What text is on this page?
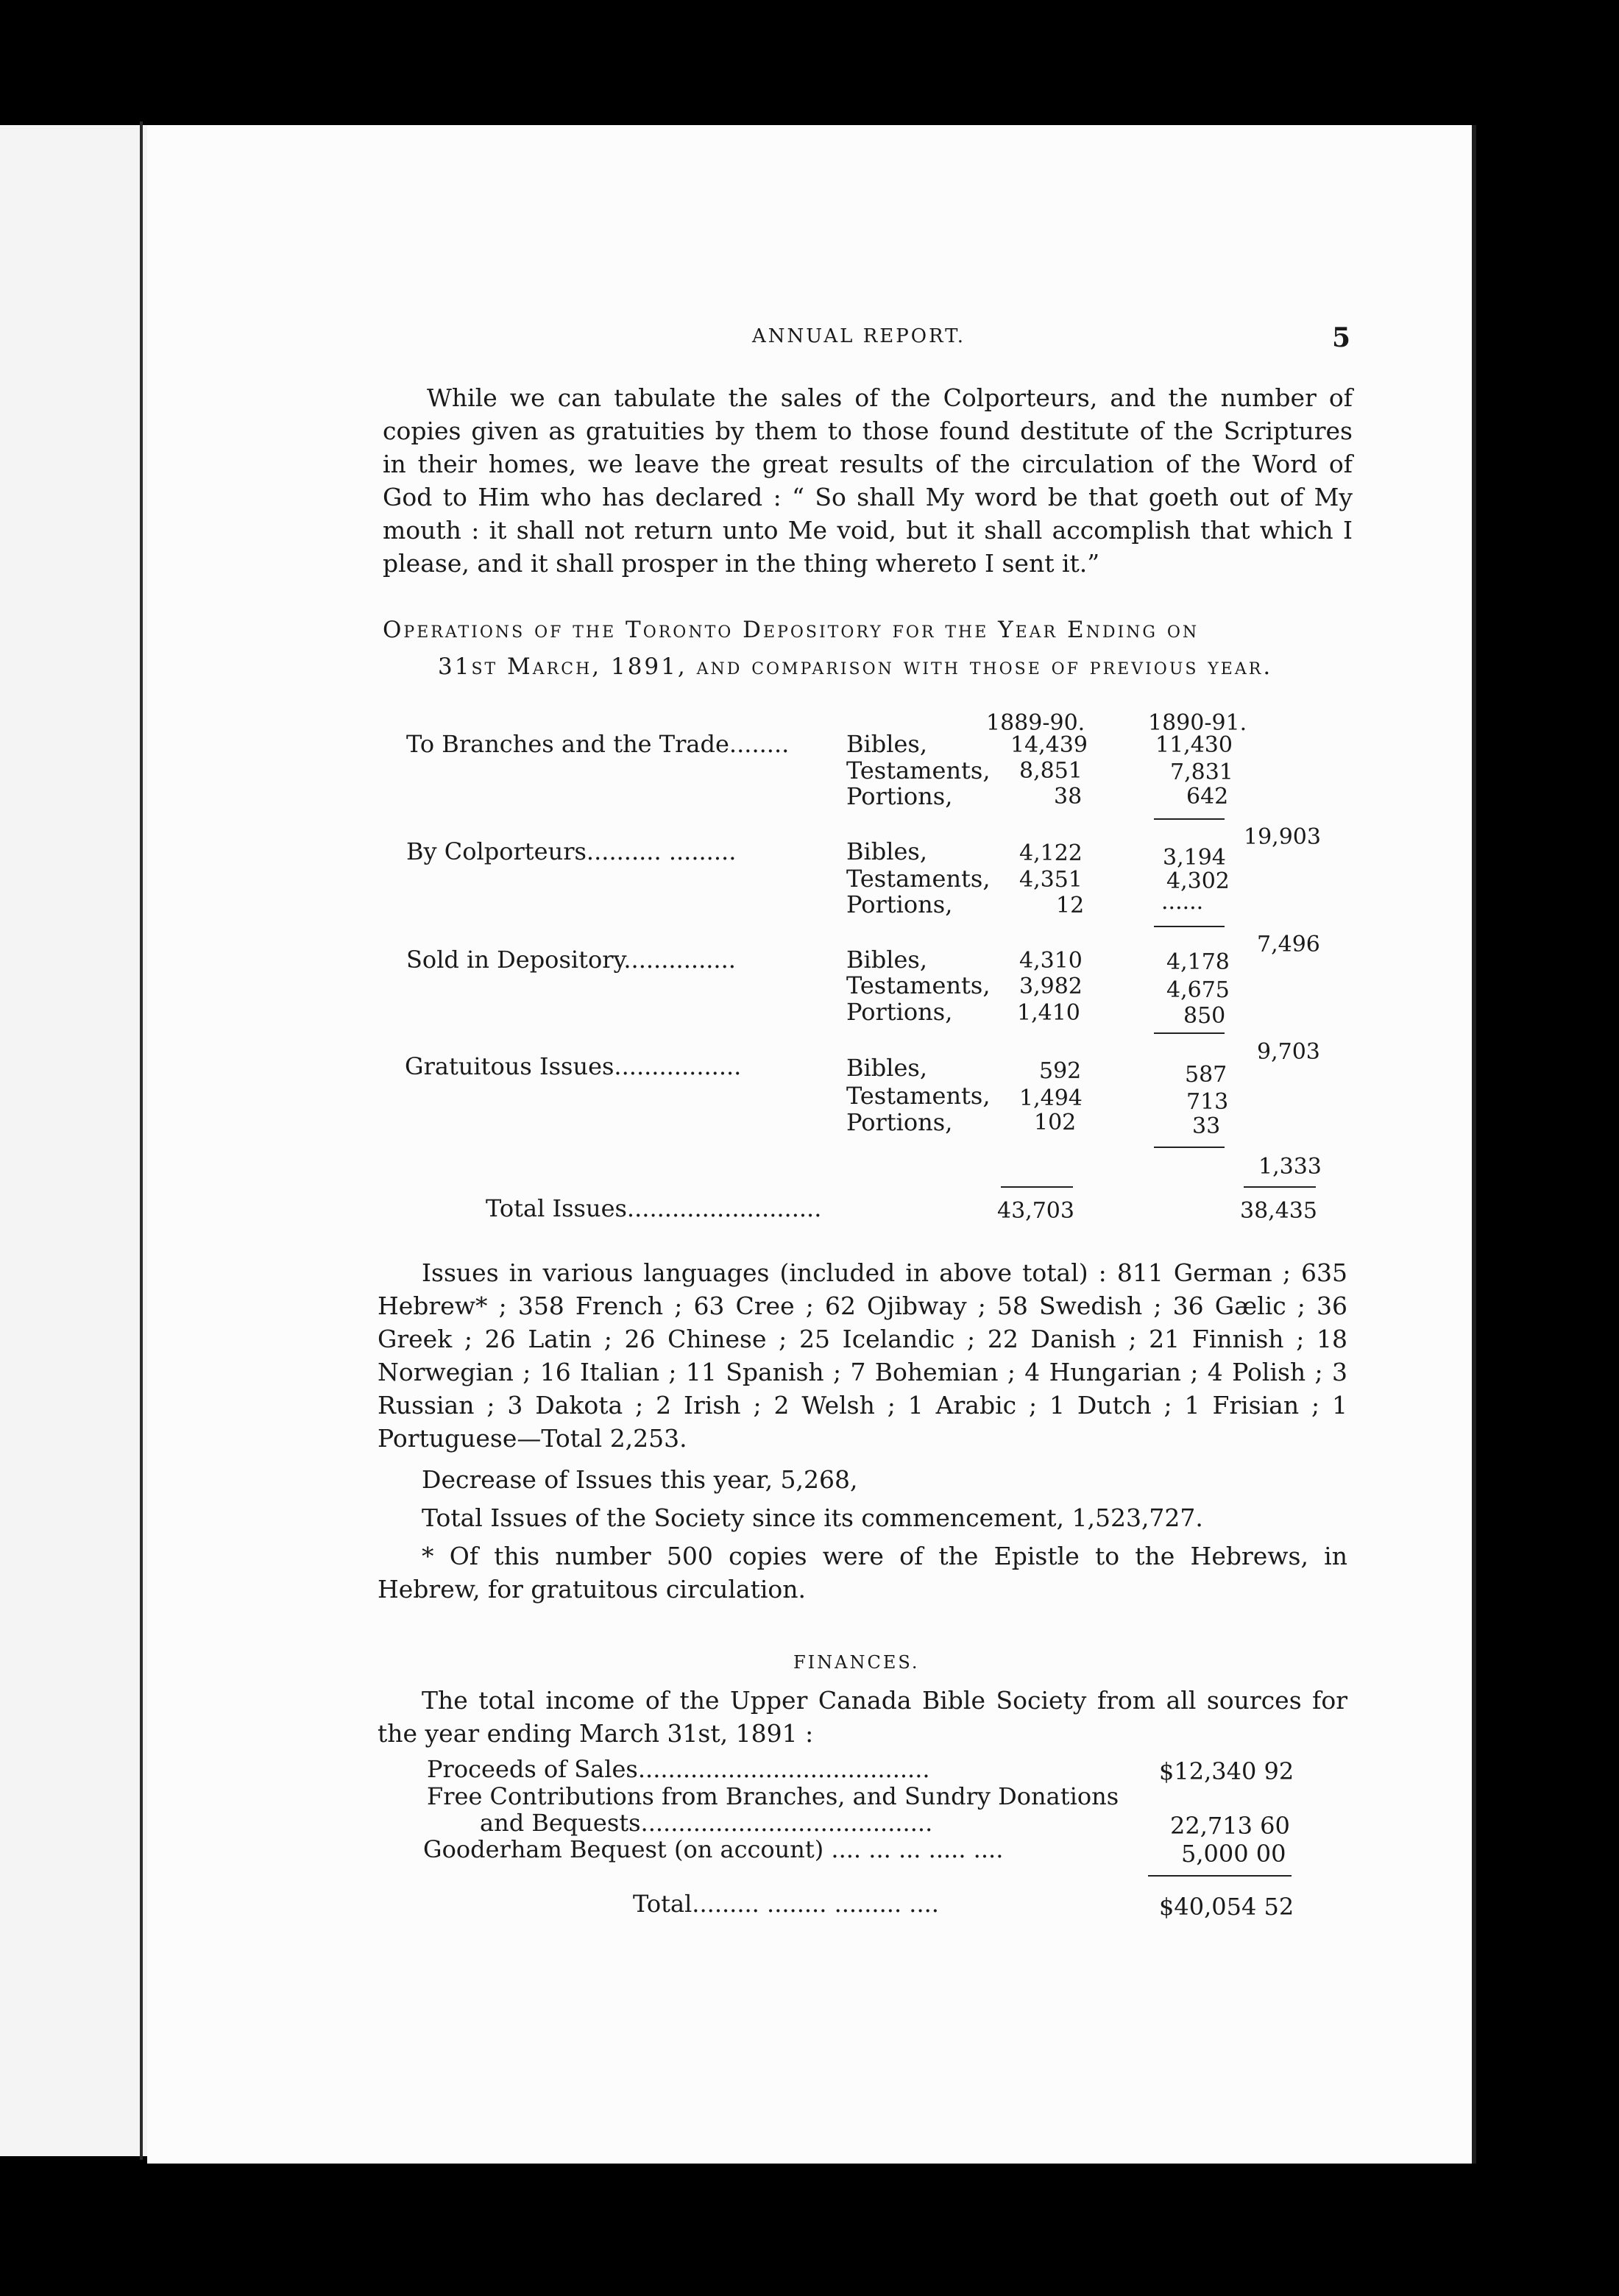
ANNUAL REPORT.	5

While we can tabulate the sales of the Colporteurs, and the number of copies given as gratuities by them to those found destitute of the Scriptures in their homes, we leave the great results of the circulation of the Word of God to Him who has declared : “ So shall My word be that goeth out of My mouth : it shall not return unto Me void, but it shall accomplish that which I please, and it shall prosper in the thing whereto I sent it.”

Operations of the Toronto Depository for the Year Ending on
31st March, 1891, and comparison with those of previous year.
1889-90.	1890-91.
To Branches and the Trade........ Bibles,	14,439	11,430
Testaments, 8,851	7,831
Portions,	38	642
19,903
By Colporteurs.......... .........	Bibles,	4,122	3,194
Testaments, 4,351	4,302
Portions,	12	......
7,496
Sold in Depository...............	Bibles,	4,310	4,178
Testaments, 3,982	4,675
Portions,	1,410	850
9,703
Gratuitous Issues.................	Bibles,	592	587
Testaments, 1,494	713
Portions,	102	33
1,333
Total Issues..........................	43,703	38,435

Issues in various languages (included in above total) : 811 German ; 635 Hebrew* ; 358 French ; 63 Cree ; 62 Ojibway ; 58 Swedish ; 36 Gælic ; 36 Greek ; 26 Latin ; 26 Chinese ; 25 Icelandic ; 22 Danish ; 21 Finnish ; 18 Norwegian ; 16 Italian ; 11 Spanish ; 7 Bohemian ; 4 Hungarian ; 4 Polish ; 3 Russian ; 3 Dakota ; 2 Irish ; 2 Welsh ; 1 Arabic ; 1 Dutch ; 1 Frisian ; 1 Portuguese—Total 2,253.

Decrease of Issues this year, 5,268,

Total Issues of the Society since its commencement, 1,523,727.

* Of this number 500 copies were of the Epistle to the Hebrews, in Hebrew, for gratuitous circulation.

FINANCES.

The total income of the Upper Canada Bible Society from all sources for the year ending March 31st, 1891 :

Proceeds of Sales.......................................	$12,340 92
Free Contributions from Branches, and Sundry Donations
and Bequests.......................................	22,713 60
Gooderham Bequest (on account) .... ... ... ..... ....	5,000 00
Total......... ........ ......... ....	$40,054 52
